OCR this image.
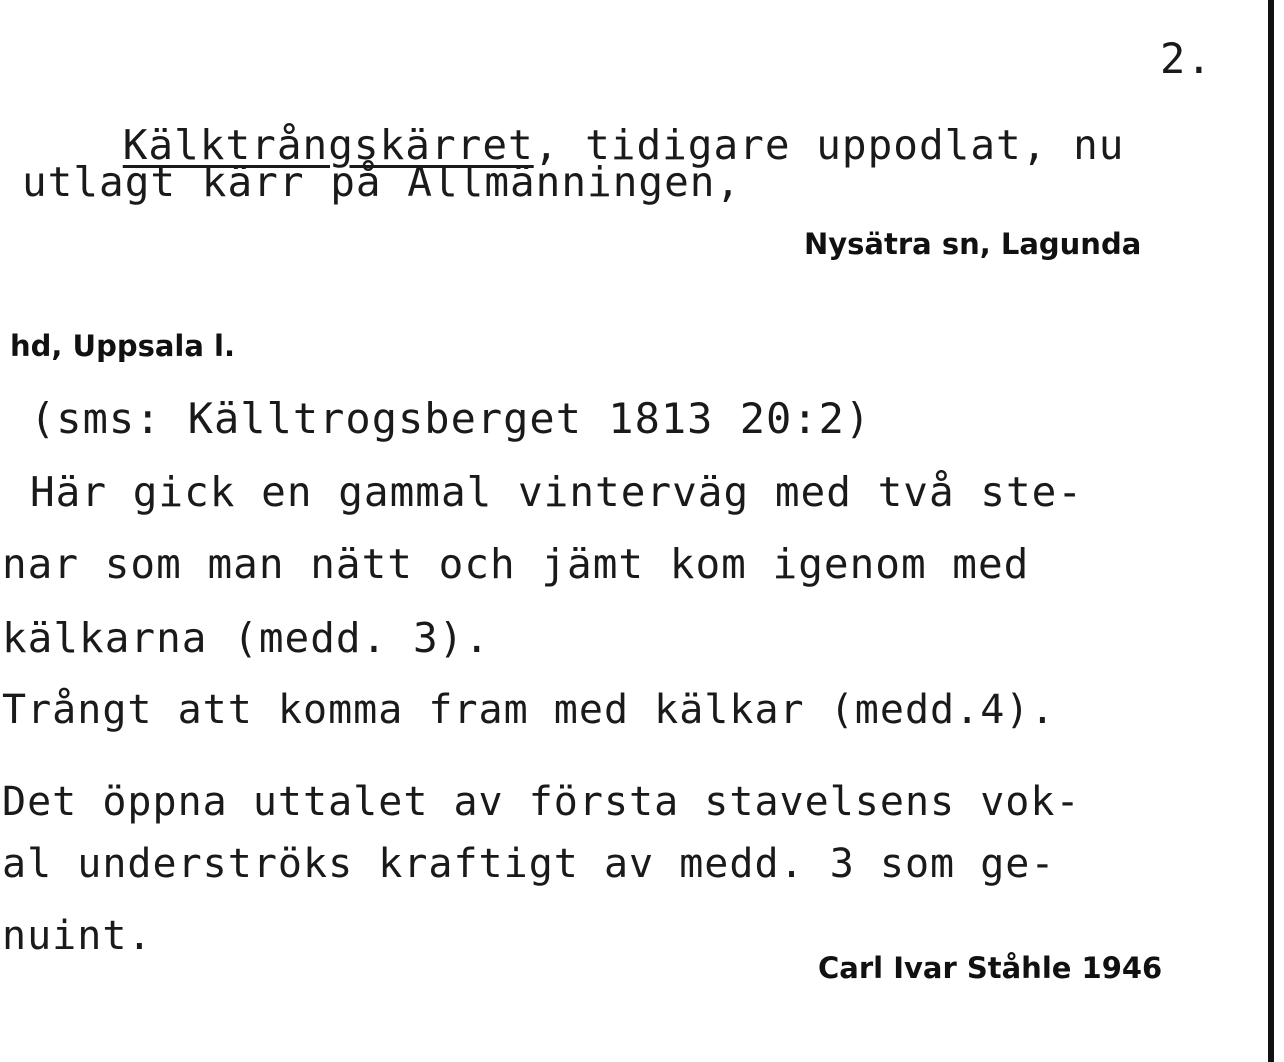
2.

Kälktrångskärret, tidigare uppodlat, nu

utlagt kärr på Allmänningen,
Nysätra sn, Lagunda
hd, Uppsala l.
(sms: Källtrogsberget 1813 20:2)
Här gick en gammal vinterväg med två ste-
nar som man nätt och jämt kom igenom med
kälkarna (medd. 3).
Trångt att komma fram med kälkar (medd.4).
Det öppna uttalet av första stavelsens vok-
al underströks kraftigt av medd. 3 som ge-
nuint.
Carl Ivar Ståhle 1946
